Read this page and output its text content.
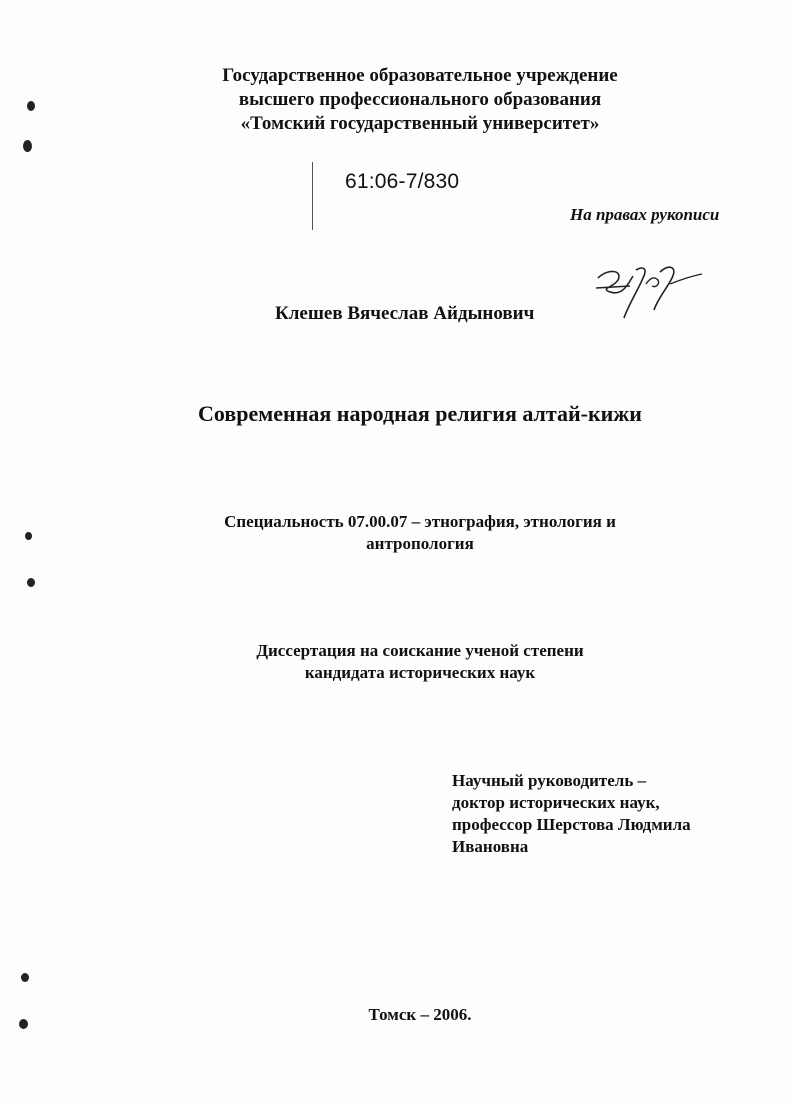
Государственное образовательное учреждение
высшего профессионального образования
«Томский государственный университет»
61:06-7/830
На правах рукописи
Клешев Вячеслав Айдынович
Современная народная религия алтай-кижи
Специальность 07.00.07 – этнография, этнология и
антропология
Диссертация на соискание ученой степени
кандидата исторических наук
Научный руководитель –
доктор исторических наук,
профессор Шерстова Людмила
Ивановна
Томск – 2006.
